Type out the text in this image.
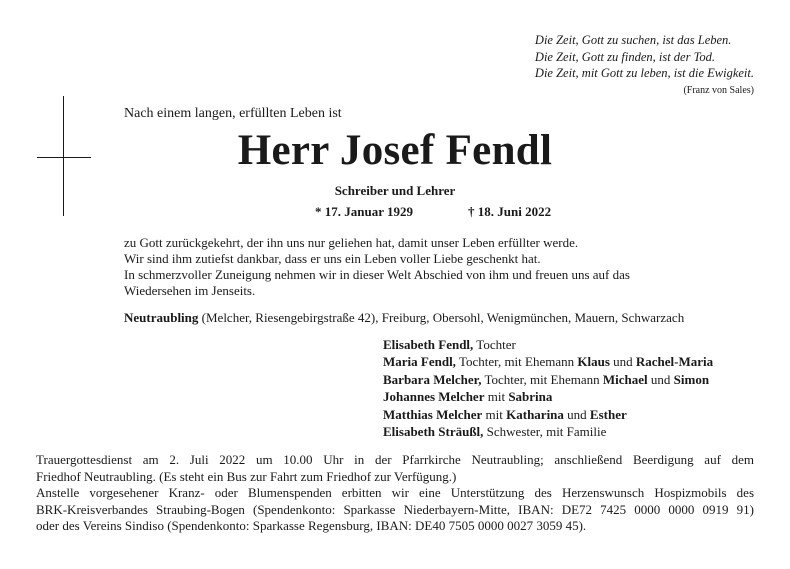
Die Zeit, Gott zu suchen, ist das Leben.
Die Zeit, Gott zu finden, ist der Tod.
Die Zeit, mit Gott zu leben, ist die Ewigkeit.
(Franz von Sales)
Nach einem langen, erfüllten Leben ist
Herr Josef Fendl
Schreiber und Lehrer
* 17. Januar 1929	† 18. Juni 2022
zu Gott zurückgekehrt, der ihn uns nur geliehen hat, damit unser Leben erfüllter werde.
Wir sind ihm zutiefst dankbar, dass er uns ein Leben voller Liebe geschenkt hat.
In schmerzvoller Zuneigung nehmen wir in dieser Welt Abschied von ihm und freuen uns auf das
Wiedersehen im Jenseits.
Neutraubling (Melcher, Riesengebirgstraße 42), Freiburg, Obersohl, Wenigmünchen, Mauern, Schwarzach
Elisabeth Fendl, Tochter
Maria Fendl, Tochter, mit Ehemann Klaus und Rachel-Maria
Barbara Melcher, Tochter, mit Ehemann Michael und Simon
Johannes Melcher mit Sabrina
Matthias Melcher mit Katharina und Esther
Elisabeth Sträußl, Schwester, mit Familie
Trauergottesdienst am 2. Juli 2022 um 10.00 Uhr in der Pfarrkirche Neutraubling; anschließend Beerdigung auf dem
Friedhof Neutraubling. (Es steht ein Bus zur Fahrt zum Friedhof zur Verfügung.)
Anstelle vorgesehener Kranz- oder Blumenspenden erbitten wir eine Unterstützung des Herzenswunsch Hospizmobils des
BRK-Kreisverbandes Straubing-Bogen (Spendenkonto: Sparkasse Niederbayern-Mitte, IBAN: DE72 7425 0000 0000 0919 91)
oder des Vereins Sindiso (Spendenkonto: Sparkasse Regensburg, IBAN: DE40 7505 0000 0027 3059 45).
